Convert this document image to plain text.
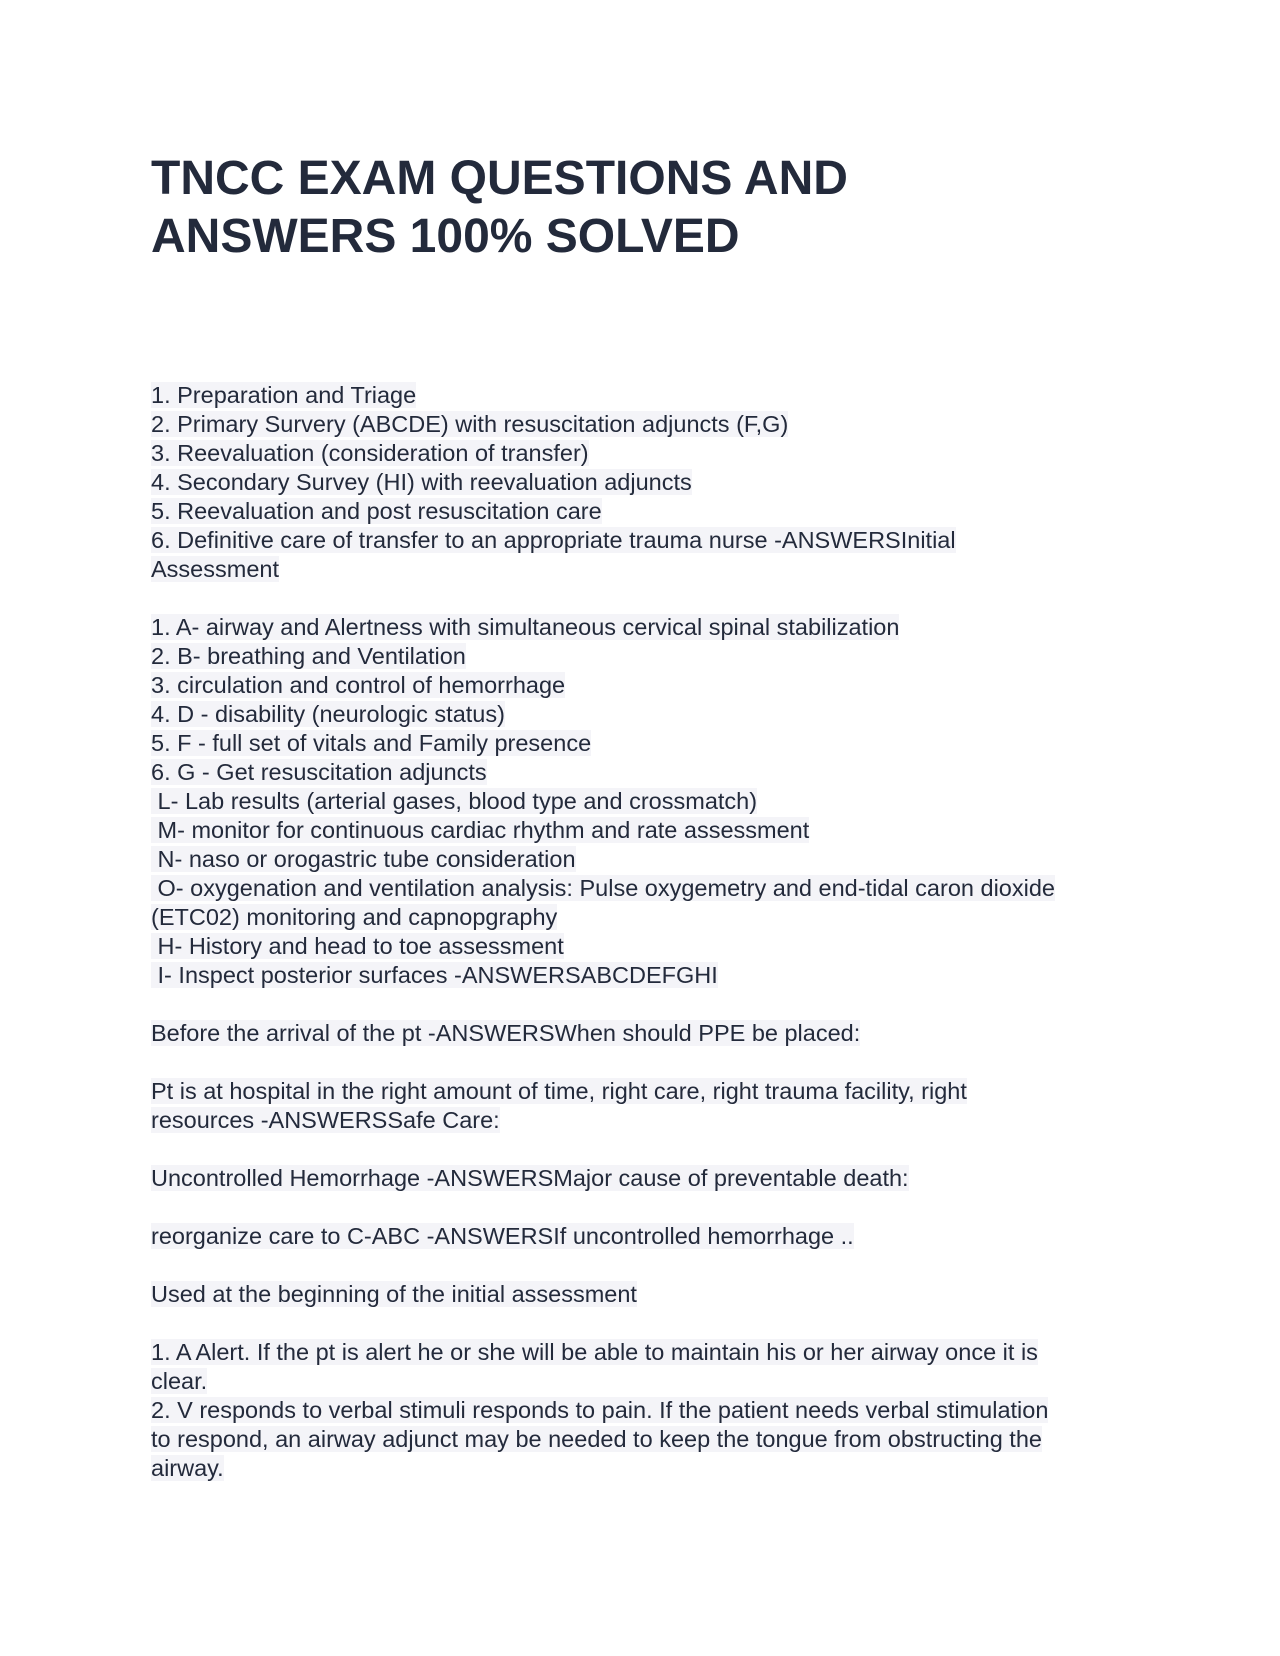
TNCC EXAM QUESTIONS AND
ANSWERS 100% SOLVED
1. Preparation and Triage
2. Primary Survery (ABCDE) with resuscitation adjuncts (F,G)
3. Reevaluation (consideration of transfer)
4. Secondary Survey (HI) with reevaluation adjuncts
5. Reevaluation and post resuscitation care
6. Definitive care of transfer to an appropriate trauma nurse -ANSWERSInitial
Assessment
1. A- airway and Alertness with simultaneous cervical spinal stabilization
2. B- breathing and Ventilation
3. circulation and control of hemorrhage
4. D - disability (neurologic status)
5. F - full set of vitals and Family presence
6. G - Get resuscitation adjuncts
L- Lab results (arterial gases, blood type and crossmatch)
M- monitor for continuous cardiac rhythm and rate assessment
N- naso or orogastric tube consideration
O- oxygenation and ventilation analysis: Pulse oxygemetry and end-tidal caron dioxide
(ETC02) monitoring and capnopgraphy
H- History and head to toe assessment
I- Inspect posterior surfaces -ANSWERSABCDEFGHI
Before the arrival of the pt -ANSWERSWhen should PPE be placed:
Pt is at hospital in the right amount of time, right care, right trauma facility, right
resources -ANSWERSSafe Care:
Uncontrolled Hemorrhage -ANSWERSMajor cause of preventable death:
reorganize care to C-ABC -ANSWERSIf uncontrolled hemorrhage ..
Used at the beginning of the initial assessment
1. A Alert. If the pt is alert he or she will be able to maintain his or her airway once it is
clear.
2. V responds to verbal stimuli responds to pain. If the patient needs verbal stimulation
to respond, an airway adjunct may be needed to keep the tongue from obstructing the
airway.
